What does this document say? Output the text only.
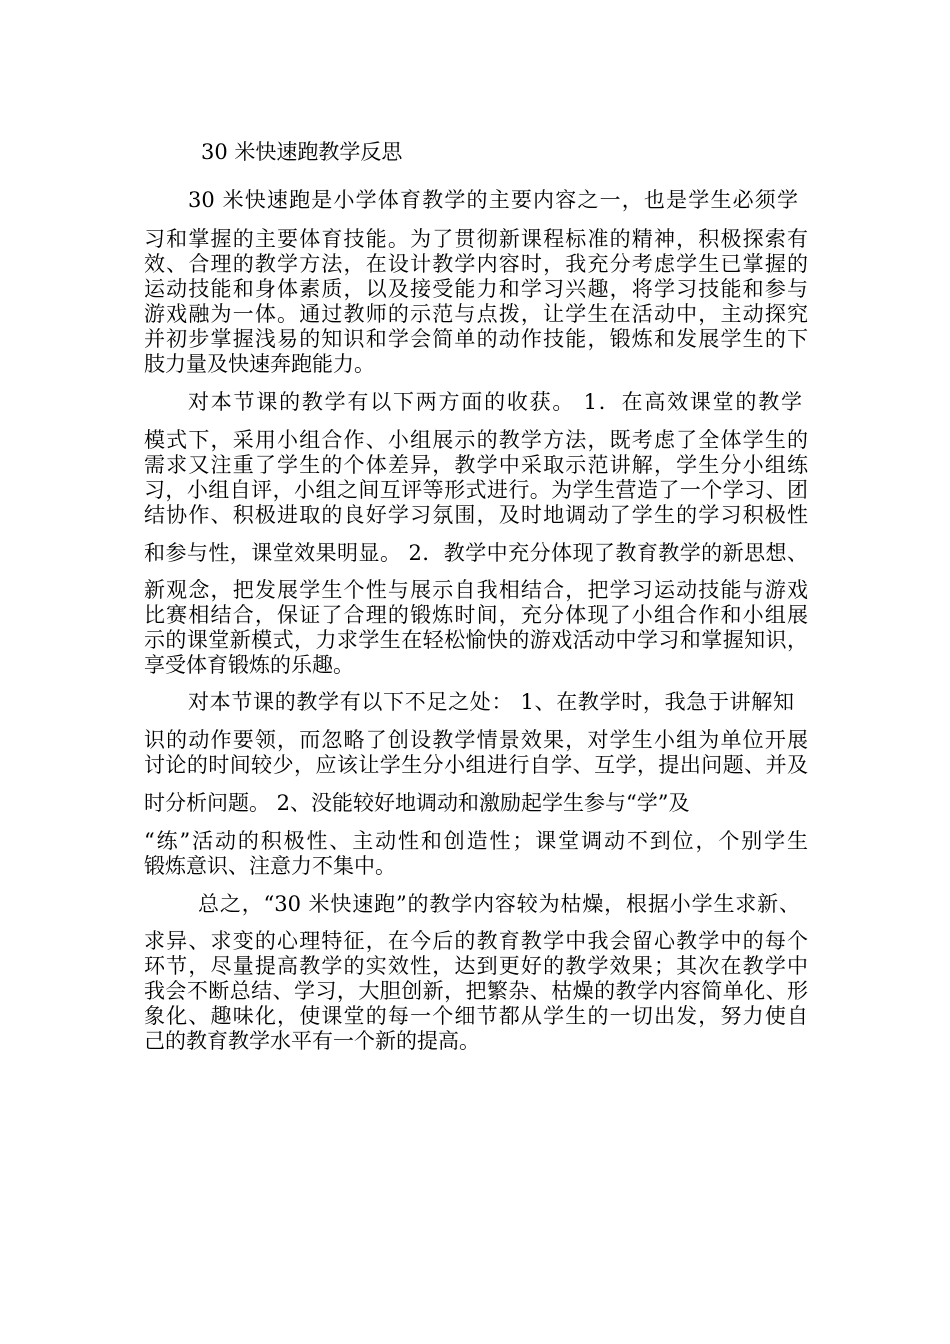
30 米快速跑教学反思
30 米快速跑是小学体育教学的主要内容之一，也是学生必须学
习和掌握的主要体育技能。为了贯彻新课程标准的精神，积极探索有
效、合理的教学方法，在设计教学内容时，我充分考虑学生已掌握的
运动技能和身体素质，以及接受能力和学习兴趣，将学习技能和参与
游戏融为一体。通过教师的示范与点拨，让学生在活动中，主动探究
并初步掌握浅易的知识和学会简单的动作技能，锻炼和发展学生的下
肢力量及快速奔跑能力。
对本节课的教学有以下两方面的收获。 1．在高效课堂的教学
模式下，采用小组合作、小组展示的教学方法，既考虑了全体学生的
需求又注重了学生的个体差异，教学中采取示范讲解，学生分小组练
习，小组自评，小组之间互评等形式进行。为学生营造了一个学习、团
结协作、积极进取的良好学习氛围，及时地调动了学生的学习积极性
和参与性，课堂效果明显。 2．教学中充分体现了教育教学的新思想、
新观念，把发展学生个性与展示自我相结合，把学习运动技能与游戏
比赛相结合，保证了合理的锻炼时间，充分体现了小组合作和小组展
示的课堂新模式，力求学生在轻松愉快的游戏活动中学习和掌握知识，
享受体育锻炼的乐趣。
对本节课的教学有以下不足之处： 1、在教学时，我急于讲解知
识的动作要领，而忽略了创设教学情景效果，对学生小组为单位开展
讨论的时间较少，应该让学生分小组进行自学、互学，提出问题、并及
时分析问题。 2、没能较好地调动和激励起学生参与“学”及
“练”活动的积极性、主动性和创造性；课堂调动不到位，个别学生
锻炼意识、注意力不集中。
总之，“30 米快速跑”的教学内容较为枯燥，根据小学生求新、
求异、求变的心理特征，在今后的教育教学中我会留心教学中的每个
环节，尽量提高教学的实效性，达到更好的教学效果；其次在教学中
我会不断总结、学习，大胆创新，把繁杂、枯燥的教学内容简单化、形
象化、趣味化，使课堂的每一个细节都从学生的一切出发，努力使自
己的教育教学水平有一个新的提高。
